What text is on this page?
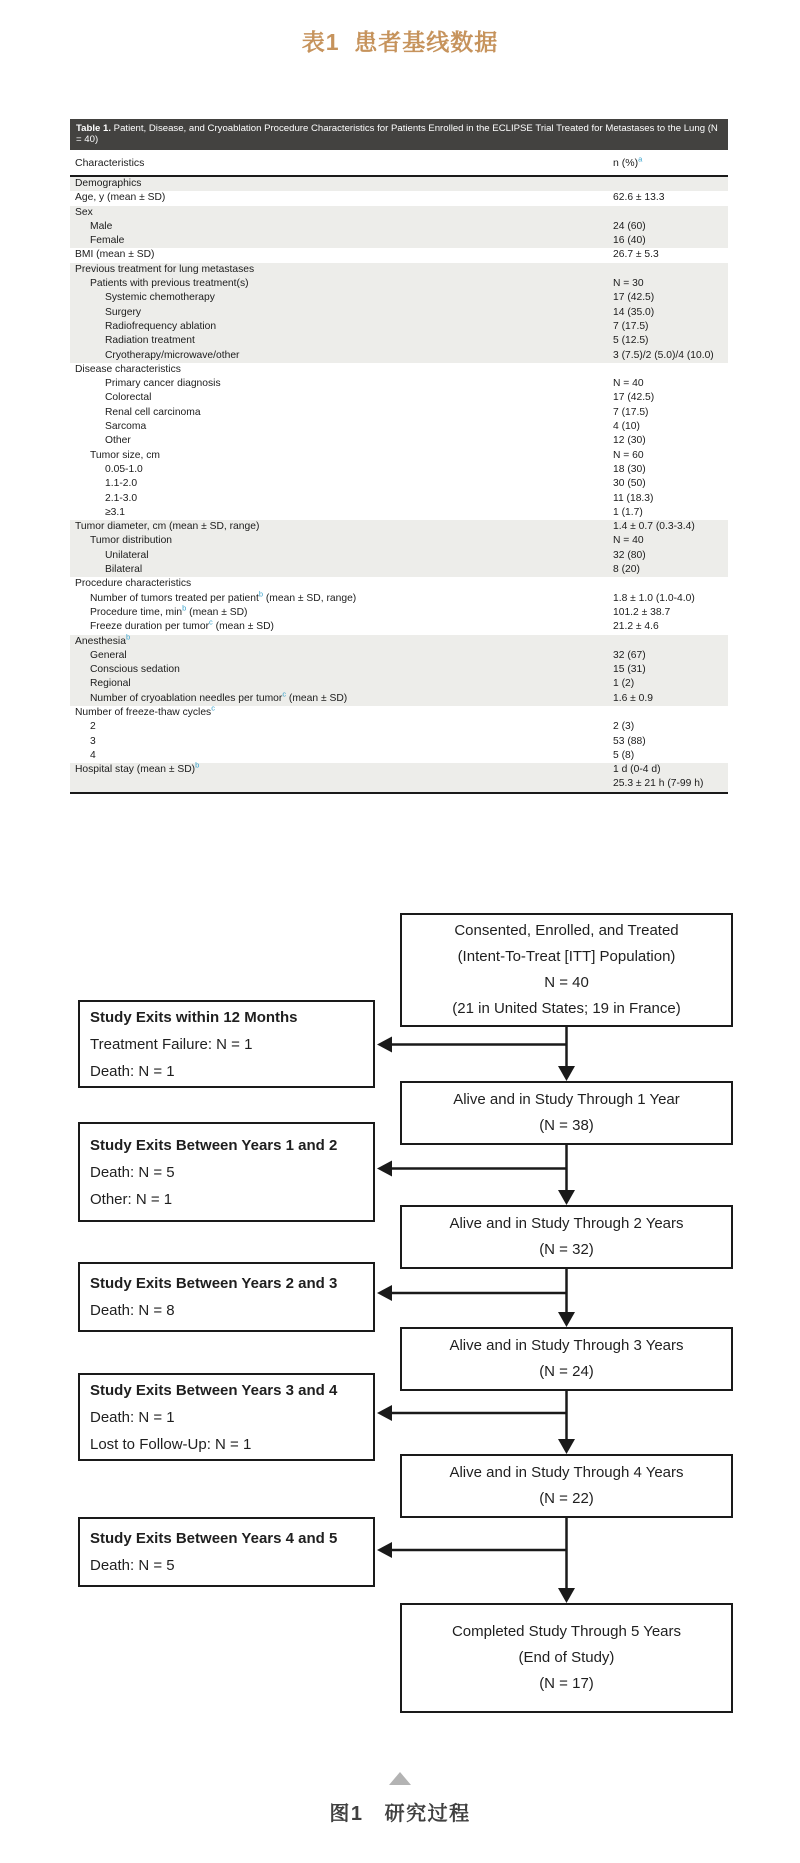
表1  患者基线数据
Table 1. Patient, Disease, and Cryoablation Procedure Characteristics for Patients Enrolled in the ECLIPSE Trial Treated for Metastases to the Lung (N = 40)
Characteristics	n (%)$^a$
Demographics
Age, y (mean ± SD)	62.6 ± 13.3
Sex
Male	24 (60)
Female	16 (40)
BMI (mean ± SD)	26.7 ± 5.3
Previous treatment for lung metastases
Patients with previous treatment(s)	N = 30
Systemic chemotherapy	17 (42.5)
Surgery	14 (35.0)
Radiofrequency ablation	7 (17.5)
Radiation treatment	5 (12.5)
Cryotherapy/microwave/other	3 (7.5)/2 (5.0)/4 (10.0)
Disease characteristics
Primary cancer diagnosis	N = 40
Colorectal	17 (42.5)
Renal cell carcinoma	7 (17.5)
Sarcoma	4 (10)
Other	12 (30)
Tumor size, cm	N = 60
0.05-1.0	18 (30)
1.1-2.0	30 (50)
2.1-3.0	11 (18.3)
≥3.1	1 (1.7)
Tumor diameter, cm (mean ± SD, range)	1.4 ± 0.7 (0.3-3.4)
Tumor distribution	N = 40
Unilateral	32 (80)
Bilateral	8 (20)
Procedure characteristics
Number of tumors treated per patient$^b$ (mean ± SD, range)	1.8 ± 1.0 (1.0-4.0)
Procedure time, $\min^b$ (mean ± SD)	101.2 ± 38.7
Freeze duration per tumor$^c$ (mean ± SD)	21.2 ± 4.6
Anesthesia$^b$
General	32 (67)
Conscious sedation	15 (31)
Regional	1 (2)
Number of cryoablation needles per tumor$^c$ (mean ± SD)	1.6 ± 0.9
Number of freeze-thaw cycles$^c$
2	2 (3)
3	53 (88)
4	5 (8)
Hospital stay (mean ± SD)$^b$	1 d (0-4 d)
25.3 ± 21 h (7-99 h)
Consented, Enrolled, and Treated
(Intent-To-Treat [ITT] Population)
N = 40
(21 in United States; 19 in France)
Alive and in Study Through 1 Year
(N = 38)
Alive and in Study Through 2 Years
(N = 32)
Alive and in Study Through 3 Years
(N = 24)
Alive and in Study Through 4 Years
(N = 22)
Completed Study Through 5 Years
(End of Study)
(N = 17)
Study Exits within 12 Months
Treatment Failure: N = 1
Death: N = 1
Study Exits Between Years 1 and 2
Death: N = 5
Other: N = 1
Study Exits Between Years 2 and 3
Death: N = 8
Study Exits Between Years 3 and 4
Death: N = 1
Lost to Follow-Up: N = 1
Study Exits Between Years 4 and 5
Death: N = 5
图1   研究过程
